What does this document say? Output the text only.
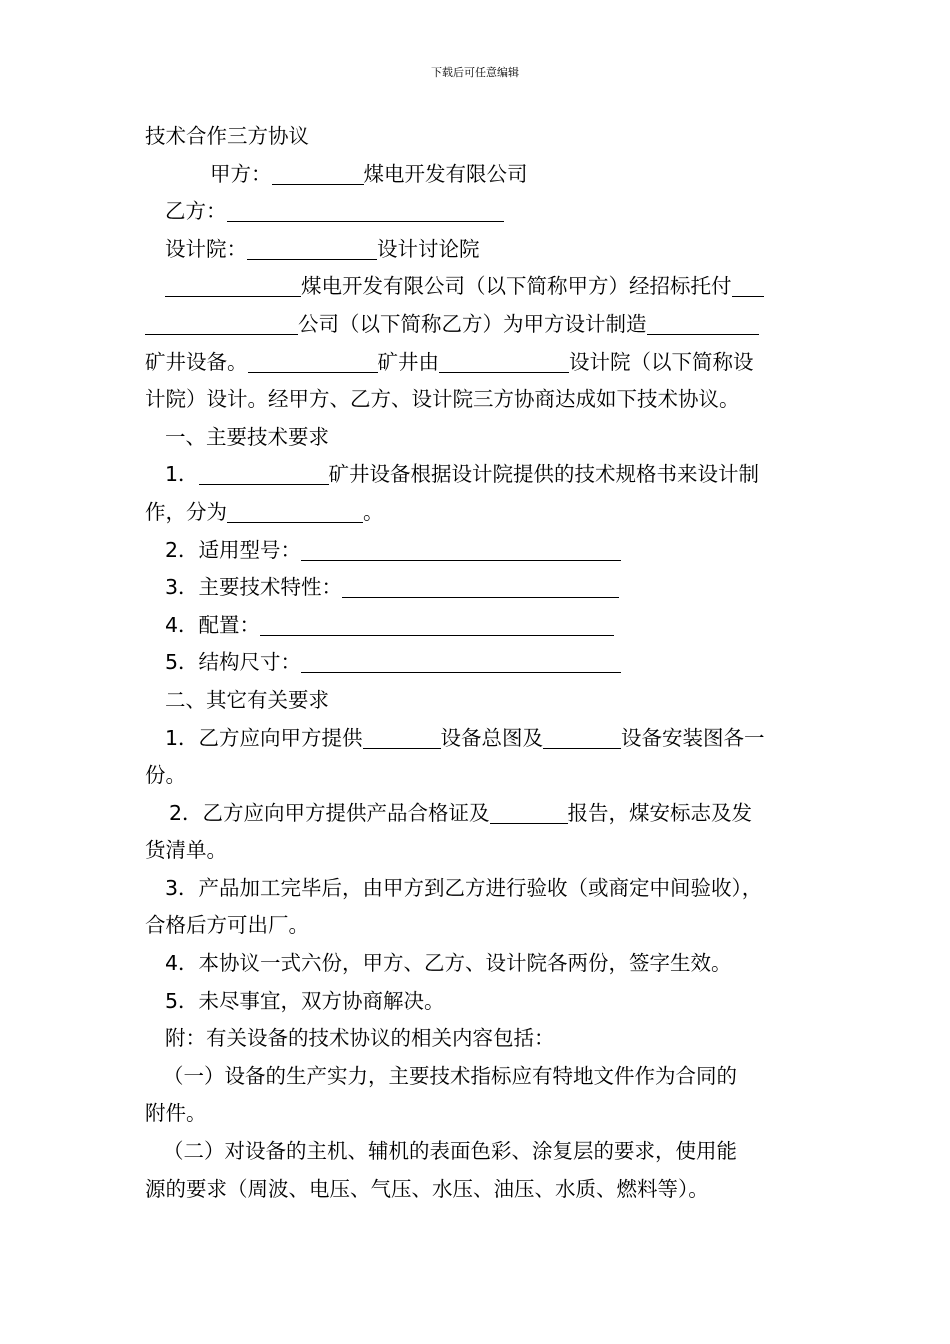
下载后可任意编辑
技术合作三方协议
甲方：	煤电开发有限公司
乙方：
设计院：	设计讨论院
煤电开发有限公司（以下简称甲方）经招标托付
公司（以下简称乙方）为甲方设计制造
矿井设备。	矿井由	设计院（以下简称设
计院）设计。经甲方、乙方、设计院三方协商达成如下技术协议。
一、主要技术要求
1．	矿井设备根据设计院提供的技术规格书来设计制
作，分为	。
2．适用型号：
3．主要技术特性：
4．配置：
5．结构尺寸：
二、其它有关要求
1．乙方应向甲方提供	设备总图及	设备安装图各一
份。
2．乙方应向甲方提供产品合格证及	报告，煤安标志及发
货清单。
3．产品加工完毕后，由甲方到乙方进行验收（或商定中间验收），
合格后方可出厂。
4．本协议一式六份，甲方、乙方、设计院各两份，签字生效。
5．未尽事宜，双方协商解决。
附：有关设备的技术协议的相关内容包括：
（一）设备的生产实力，主要技术指标应有特地文件作为合同的
附件。
（二）对设备的主机、辅机的表面色彩、涂复层的要求，使用能
源的要求（周波、电压、气压、水压、油压、水质、燃料等）。
